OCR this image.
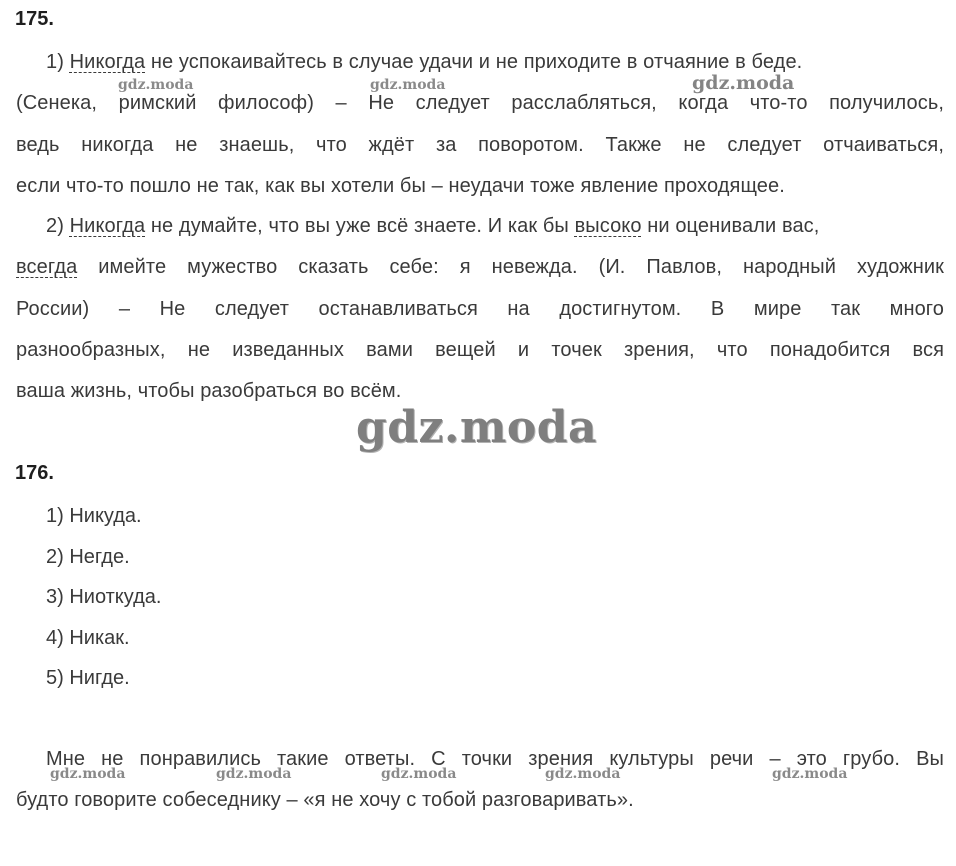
175.
1) Никогда не успокаивайтесь в случае удачи и не приходите в отчаяние в беде.
(Сенека, римский философ) – Не следует расслабляться, когда что-то получилось,
ведь никогда не знаешь, что ждёт за поворотом. Также не следует отчаиваться,
если что-то пошло не так, как вы хотели бы – неудачи тоже явление проходящее.
2) Никогда не думайте, что вы уже всё знаете. И как бы высоко ни оценивали вас,
всегда имейте мужество сказать себе: я невежда. (И. Павлов, народный художник
России) – Не следует останавливаться на достигнутом. В мире так много
разнообразных, не изведанных вами вещей и точек зрения, что понадобится вся
ваша жизнь, чтобы разобраться во всём.
176.
1) Никуда.
2) Негде.
3) Ниоткуда.
4) Никак.
5) Нигде.
Мне не понравились такие ответы. С точки зрения культуры речи – это грубо. Вы
будто говорите собеседнику – «я не хочу с тобой разговаривать».
gdz.moda	gdz.moda	gdz.moda
gdz.moda
gdz.moda	gdz.moda	gdz.moda	gdz.moda	gdz.moda
